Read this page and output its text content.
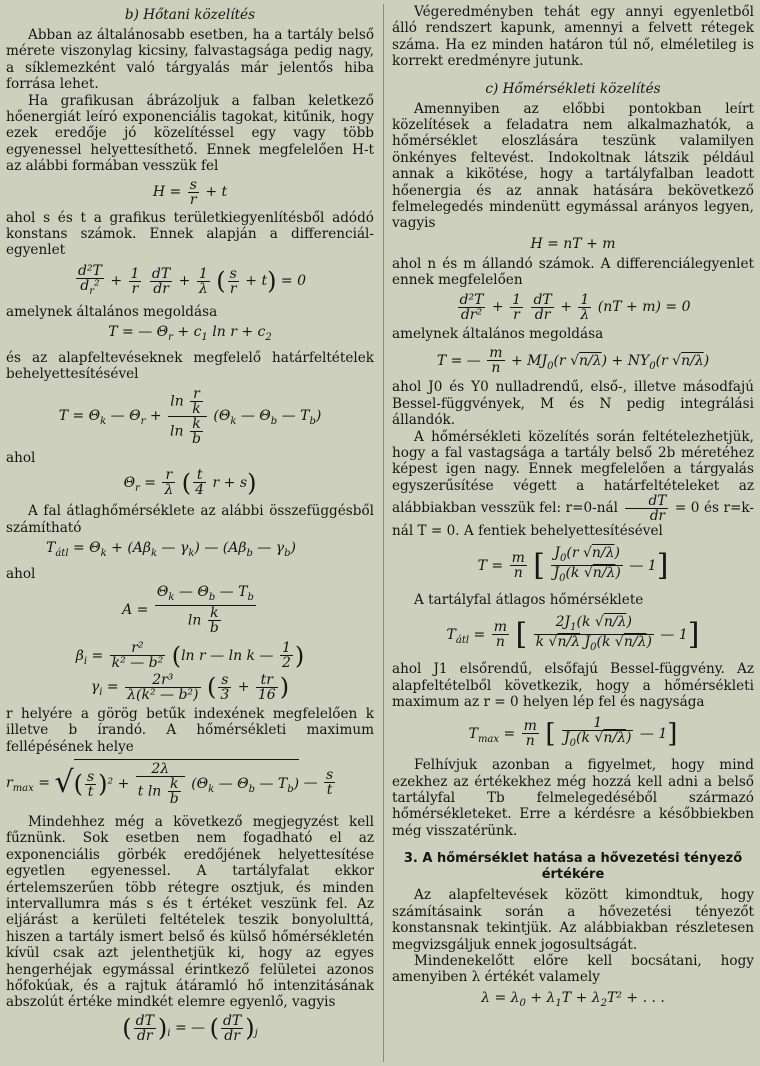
b) Hőtani közelítés

Abban az általánosabb esetben, ha a tartály belső mérete viszonylag kicsiny, falvastagsága pedig nagy, a síklemezként való tárgyalás már jelentős hiba forrása lehet.

Ha grafikusan ábrázoljuk a falban keletkező hőenergiát leíró exponenciális tagokat, kitűnik, hogy ezek eredője jó közelítéssel egy vagy több egyenessel helyettesíthető. Ennek megfelelően H-t az alábbi formában vesszük fel

$H = \frac{s}{r} + t$

ahol s és t a grafikus területkiegyenlítésből adódó konstans számok. Ennek alapján a differenciál-egyenlet

$\frac{\text{d²T}}{d_r^2} + \frac{1}{r}$
$\frac{dT}{dr} + \frac{1}{\lambda}$ ( $\frac{s}{r} + t) = 0$

amelynek általános megoldása

T = — $\Theta_r + c_1$ $\ln r + c_2$

és az alapfeltevéseknek megfelelő határfeltételek behelyettesítésével

$T = \Theta_k$ — $\Theta_r + \frac{\ln \frac{r}{k}}{\ln \frac{k}{b}} (\Theta_k$ — $\Theta_b$ — $T_b$)

ahol

$\Theta_r = \frac{r}{\lambda}$ ( $\frac{t}{4}$ r + s)

A fal átlaghőmérséklete az alábbi összefüggésből számítható

$T_{átl} = \Theta_k + (A\beta_k$ — $\gamma_k$) — ($A\beta_b$ — $\gamma_b$)

ahol

$A = \frac{\Theta_k — \Theta_b — T_b}{\ln \frac{k}{b}}$
$\beta_i = \frac{\text{r²}}{\text{k² — b²}} (\ln$ r — ln k — $\frac{1}{2}$ )
$\gamma_i = \frac{\text{2r³}}{\text{λ(k² — b²)}}$ ( $\frac{s}{3} + \frac{tr}{16}$ )

r helyére a görög betűk indexének megfelelően k illetve b írandó. A hőmérsékleti maximum fellépésének helye

$r_{max}$ = √( $\frac{s}{t} )^2 + \frac{2\lambda}{t \ln \frac{k}{b}} (\Theta_k$ — $\Theta_b$ — $T_b$) — $\frac{s}{t}$

Mindehhez még a következő megjegyzést kell fűznünk. Sok esetben nem fogadható el az exponenciális görbék eredőjének helyettesítése egyetlen egyenessel. A tartályfalat ekkor értelemszerűen több rétegre osztjuk, és minden intervallumra más s és t értéket veszünk fel. Az eljárást a kerületi feltételek teszik bonyolulttá, hiszen a tartály ismert belső és külső hőmérsékletén kívül csak azt jelenthetjük ki, hogy az egyes hengerhéjak egymással érintkező felületei azonos hőfokúak, és a rajtuk átáramló hő intenzitásának abszolút értéke mindkét elemre egyenlő, vagyis

( $\frac{dT}{dr} )_i$ = — ( $\frac{dT}{dr} )_j$

Végeredményben tehát egy annyi egyenletből álló rendszert kapunk, amennyi a felvett rétegek száma. Ha ez minden határon túl nő, elméletileg is korrekt eredményre jutunk.

c) Hőmérsékleti közelítés

Amennyiben az előbbi pontokban leírt közelítések a feladatra nem alkalmazhatók, a hőmérséklet eloszlására teszünk valamilyen önkényes feltevést. Indokoltnak látszik például annak a kikötése, hogy a tartályfalban leadott hőenergia és az annak hatására bekövetkező felmelegedés mindenütt egymással arányos legyen, vagyis

H = nT + m

ahol n és m állandó számok. A differenciálegyenlet ennek megfelelően

$\frac{\text{d²T}}{\text{dr²}} + \frac{1}{r}$
$\frac{dT}{dr} + \frac{1}{\lambda} (nT + m) = 0$

amelynek általános megoldása

T = — $\frac{m}{n} + MJ_0(r$ $√n/\lambda) + NY_0(r$ √n/λ)

ahol J0 és Y0 nulladrendű, első-, illetve másodfajú Bessel-függvények, M és N pedig integrálási állandók.

A hőmérsékleti közelítés során feltételezhetjük, hogy a fal vastagsága a tartály belső 2b méretéhez képest igen nagy. Ennek megfelelően a tárgyalás egyszerűsítése végett a határfeltételeket az alábbiakban vesszük fel: r=0-nál $\frac{dT}{dr} = 0$ és r=k-nál T = 0. A fentiek behelyettesítésével

$T = \frac{m}{n}$ [ $\frac{J_0(r √n/\lambda)}{J_0(k √n/\lambda)}$ — 1]

A tartályfal átlagos hőmérséklete

$T_{átl} = \frac{m}{n}$ [ $\frac{2J_1(k √n/\lambda)}{k √n/\lambda J_0(k √n/\lambda)}$ — 1]

ahol J1 elsőrendű, elsőfajú Bessel-függvény. Az alapfeltételből következik, hogy a hőmérsékleti maximum az r = 0 helyen lép fel és nagysága

$T_{max} = \frac{m}{n}$ [ $\frac{1}{J_0(k √n/\lambda)}$ — 1]

Felhívjuk azonban a figyelmet, hogy mind ezekhez az értékekhez még hozzá kell adni a belső tartályfal Tb felmelegedéséből származó hőmérsékleteket. Erre a kérdésre a későbbiekben még visszatérünk.

3. A hőmérséklet hatása a hővezetési tényező értékére

Az alapfeltevések között kimondtuk, hogy számításaink során a hővezetési tényezőt konstansnak tekintjük. Az alábbiakban részletesen megvizsgáljuk ennek jogosultságát.

Mindenekelőtt előre kell bocsátani, hogy amenyiben λ értékét valamely

$\lambda = \lambda_0 + \lambda_1T + \lambda_2T^2$ + . . .
